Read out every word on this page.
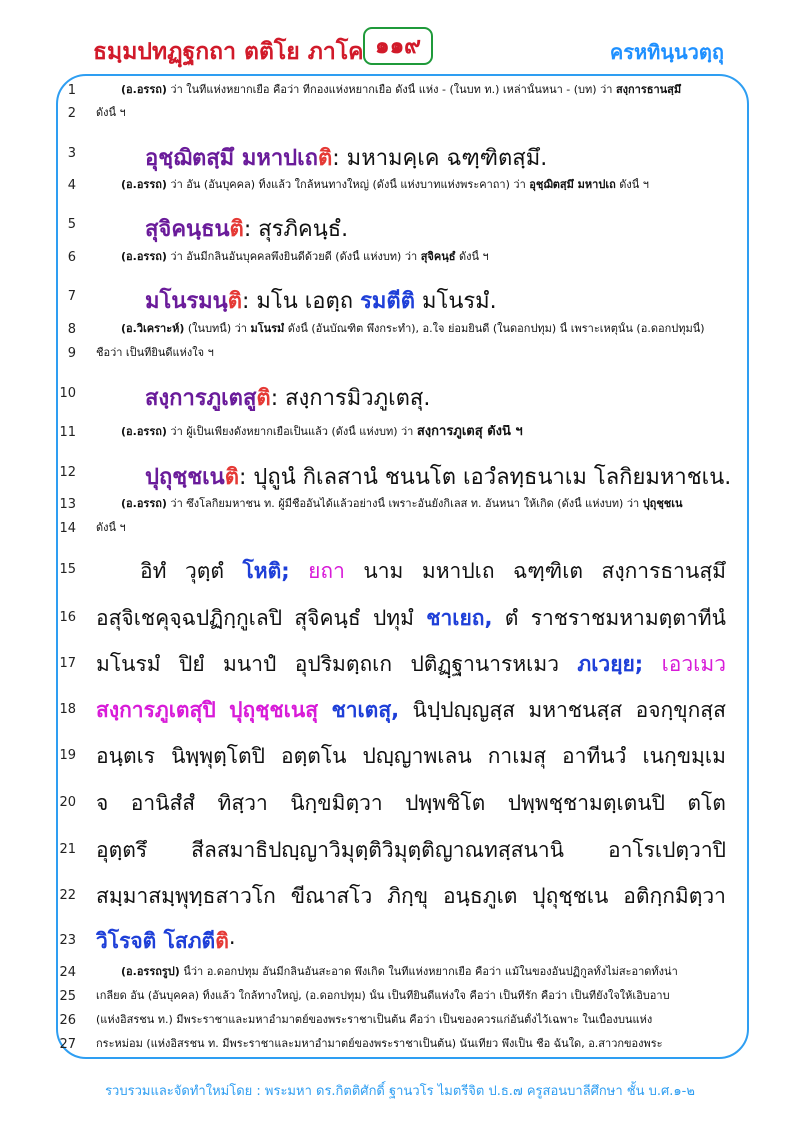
ธมฺมปทฏฺฐกถา ตติโย ภาโค ๑๑๙	ครหทินฺนวตฺถุ
1
2
3
4
5
6
7
8
9
10
11
12
13
14
15
16
17
18
19
20
21
22
23
24
25
26
27
(อ.อรรถ) ว่า ในที่แห่งหยากเยื่อ คือว่า ที่กองแห่งหยากเยื่อ ดังนี้ แห่ง - (ในบท ท.) เหล่านั้นหนา - (บท) ว่า สงฺการธานสฺมึ
ดังนี้ ฯ
อุชฺฌิตสฺมึ มหาปเถติ: มหามคฺเค ฉฑฺฑิตสฺมึ.
(อ.อรรถ) ว่า อัน (อันบุคคล) ทิ้งแล้ว ใกล้หนทางใหญ่ (ดังนี้ แห่งบาทแห่งพระคาถา) ว่า อุชฺฌิตสฺมึ มหาปเถ ดังนี้ ฯ
สุจิคนฺธนติ: สุรภิคนฺธํ.
(อ.อรรถ) ว่า อันมีกลิ่นอันบุคคลพึงยินดีด้วยดี (ดังนี้ แห่งบท) ว่า สุจิคนฺธํ ดังนี้ ฯ
มโนรมนฺติ: มโน เอตฺถ รมตีติ มโนรมํ.
(อ.วิเคราะห์) (ในบทนี้) ว่า มโนรมํ ดังนี้ (อันบัณฑิต พึงกระทำ), อ.ใจ ย่อมยินดี (ในดอกปทุม) นี้ เพราะเหตุนั้น (อ.ดอกปทุมนี้)
ชื่อว่า เป็นที่ยินดีแห่งใจ ฯ
สงฺการภูเตสูติ: สงฺการมิวภูเตสุ.
(อ.อรรถ) ว่า ผู้เป็นเพียงดังหยากเยื่อเป็นแล้ว (ดังนี้ แห่งบท) ว่า สงฺการภูเตสุ ดังนี้ ฯ
ปุถุชฺชเนติ: ปุถูนํ กิเลสานํ ชนนโต เอวํลทฺธนาเม โลกิยมหาชเน.
(อ.อรรถ) ว่า ซึ่งโลกิยมหาชน ท. ผู้มีชื่ออันได้แล้วอย่างนี้ เพราะอันยังกิเลส ท. อันหนา ให้เกิด (ดังนี้ แห่งบท) ว่า ปุถุชฺชเน
ดังนี้ ฯ
อิทํ วุตฺตํ โหติ; ยถา นาม มหาปเถ ฉฑฺฑิเต สงฺการธานสฺมึ
อสุจิเชคุจฺฉปฏิกฺกูเลปิ สุจิคนฺธํ ปทุมํ ชาเยถ, ตํ ราชราชมหามตฺตาทีนํ
มโนรมํ ปิยํ มนาปํ อุปริมตฺถเก ปติฏฺฐานารหเมว ภเวยฺย; เอวเมว
สงฺการภูเตสุปิ ปุถุชฺชเนสุ ชาเตสุ, นิปฺปญฺญสฺส มหาชนสฺส อจกฺขุกสฺส
อนฺตเร นิพฺพุตฺโตปิ อตฺตโน ปญฺญาพเลน กาเมสุ อาทีนวํ เนกฺขมฺเม
จ อานิสํสํ ทิสฺวา นิกฺขมิตฺวา ปพฺพชิโต ปพฺพชฺชามตฺเตนปิ ตโต
อุตฺตรึ สีลสมาธิปญฺญาวิมุตฺติวิมุตฺติญาณทสฺสนานิ อาโรเปตฺวาปิ
สมฺมาสมฺพุทฺธสาวโก ขีณาสโว ภิกฺขุ อนฺธภูเต ปุถุชฺชเน อติกฺกมิตฺวา
วิโรจติ โสภตี ติ .
(อ.อรรถรูป) นี้ว่า อ.ดอกปทุม อันมีกลิ่นอันสะอาด พึงเกิด ในที่แห่งหยากเยื่อ คือว่า แม้ในของอันปฏิกูลทั้งไม่สะอาดทั้งน่า
เกลียด อัน (อันบุคคล) ทิ้งแล้ว ใกล้ทางใหญ่, (อ.ดอกปทุม) นั้น เป็นที่ยินดีแห่งใจ คือว่า เป็นที่รัก คือว่า เป็นที่ยังใจให้เอิบอาบ
(แห่งอิสรชน ท.) มีพระราชาและมหาอำมาตย์ของพระราชาเป็นต้น คือว่า เป็นของควรแก่อันตั้งไว้เฉพาะ ในเบื้องบนแห่ง
กระหม่อม (แห่งอิสรชน ท. มีพระราชาและมหาอำมาตย์ของพระราชาเป็นต้น) นั่นเทียว พึงเป็น ชื่อ ฉันใด, อ.สาวกของพระ
รวบรวมและจัดทำใหม่โดย : พระมหา ดร.กิตติศักดิ์ ฐานวโร ไมตรีจิต ป.ธ.๗ ครูสอนบาลีศึกษา ชั้น บ.ศ.๑-๒
